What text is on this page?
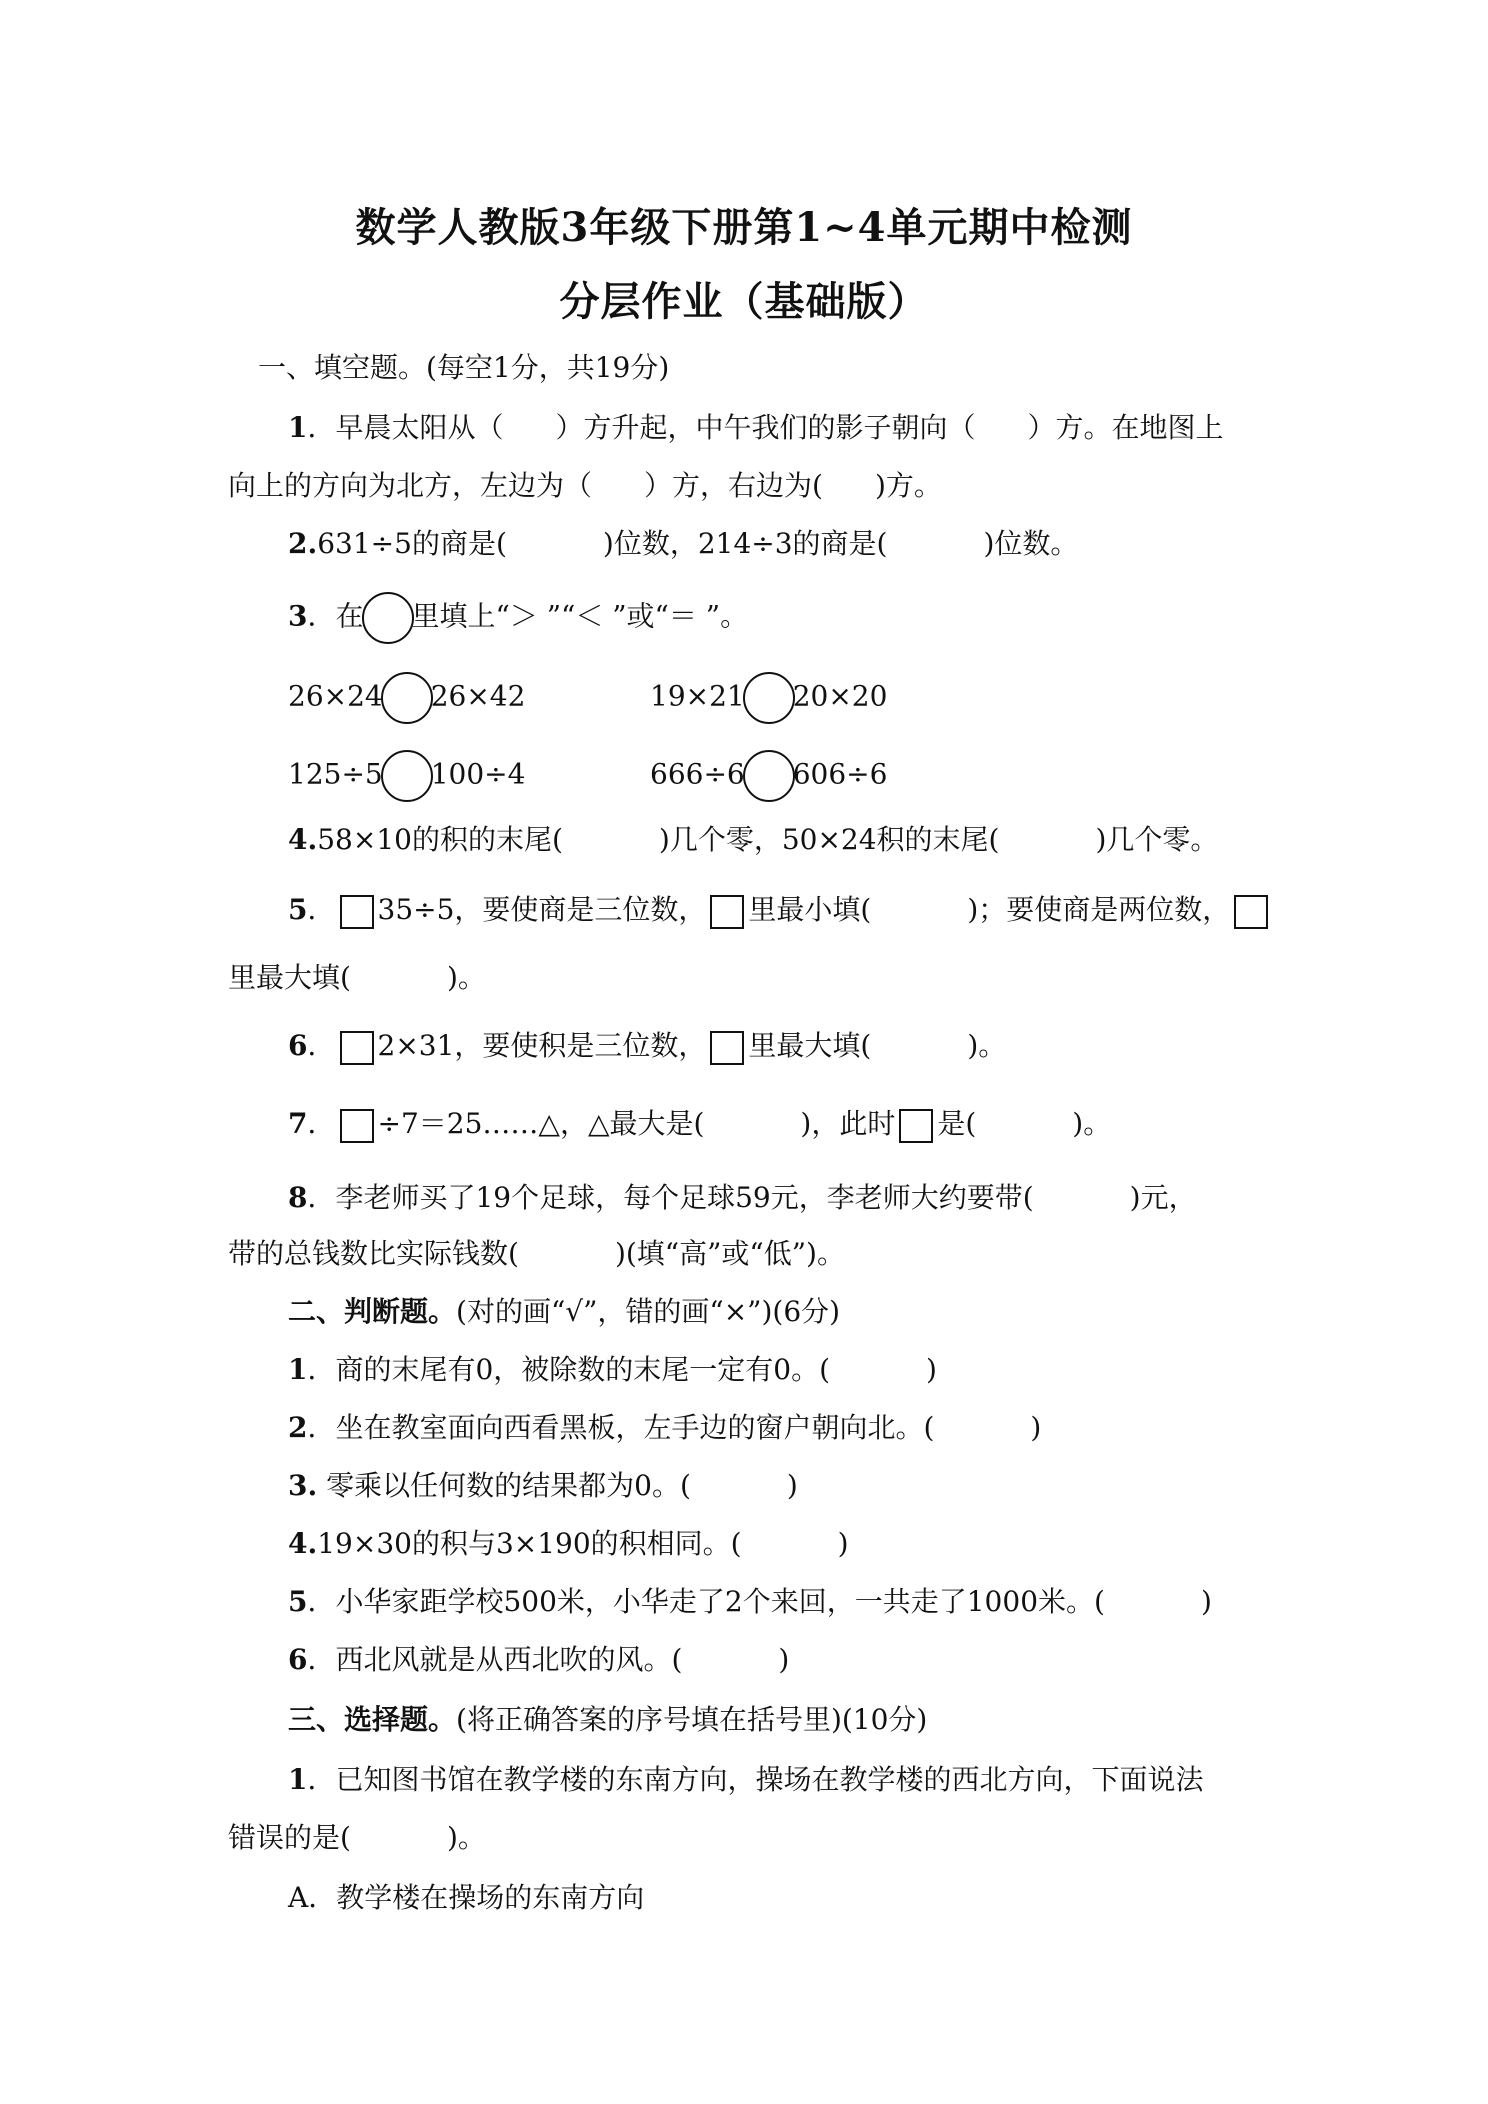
数学人教版3年级下册第1~4单元期中检测
分层作业（基础版）
一、填空题。(每空1分，共19分)
1．早晨太阳从（ ）方升起，中午我们的影子朝向（ ）方。在地图上
向上的方向为北方，左边为（ ）方，右边为( )方。
2.631÷5的商是(	)位数，214÷3的商是(	)位数。
3．在 里填上“＞ ”“＜ ”或“＝ ”。
26×24 26×42	19×21 20×20
125÷5 100÷4	666÷6 606÷6
4.58×10的积的末尾(	)几个零，50×24积的末尾(	)几个零。
5． 35÷5，要使商是三位数， 里最小填(	)；要使商是两位数，
里最大填(	)。
6． 2×31，要使积是三位数， 里最大填(	)。
7． ÷7＝25……△，△最大是(	)，此时 是(	)。
8．李老师买了19个足球，每个足球59元，李老师大约要带(	)元，
带的总钱数比实际钱数(	)(填“高”或“低”)。
二、判断题。(对的画“√”，错的画“×”)(6分)
1．商的末尾有0，被除数的末尾一定有0。(	)
2．坐在教室面向西看黑板，左手边的窗户朝向北。(	)
3. 零乘以任何数的结果都为0。(	)
4.19×30的积与3×190的积相同。(	)
5．小华家距学校500米，小华走了2个来回，一共走了1000米。(	)
6．西北风就是从西北吹的风。(	)
三、选择题。(将正确答案的序号填在括号里)(10分)
1．已知图书馆在教学楼的东南方向，操场在教学楼的西北方向，下面说法
错误的是(	)。
A．教学楼在操场的东南方向
